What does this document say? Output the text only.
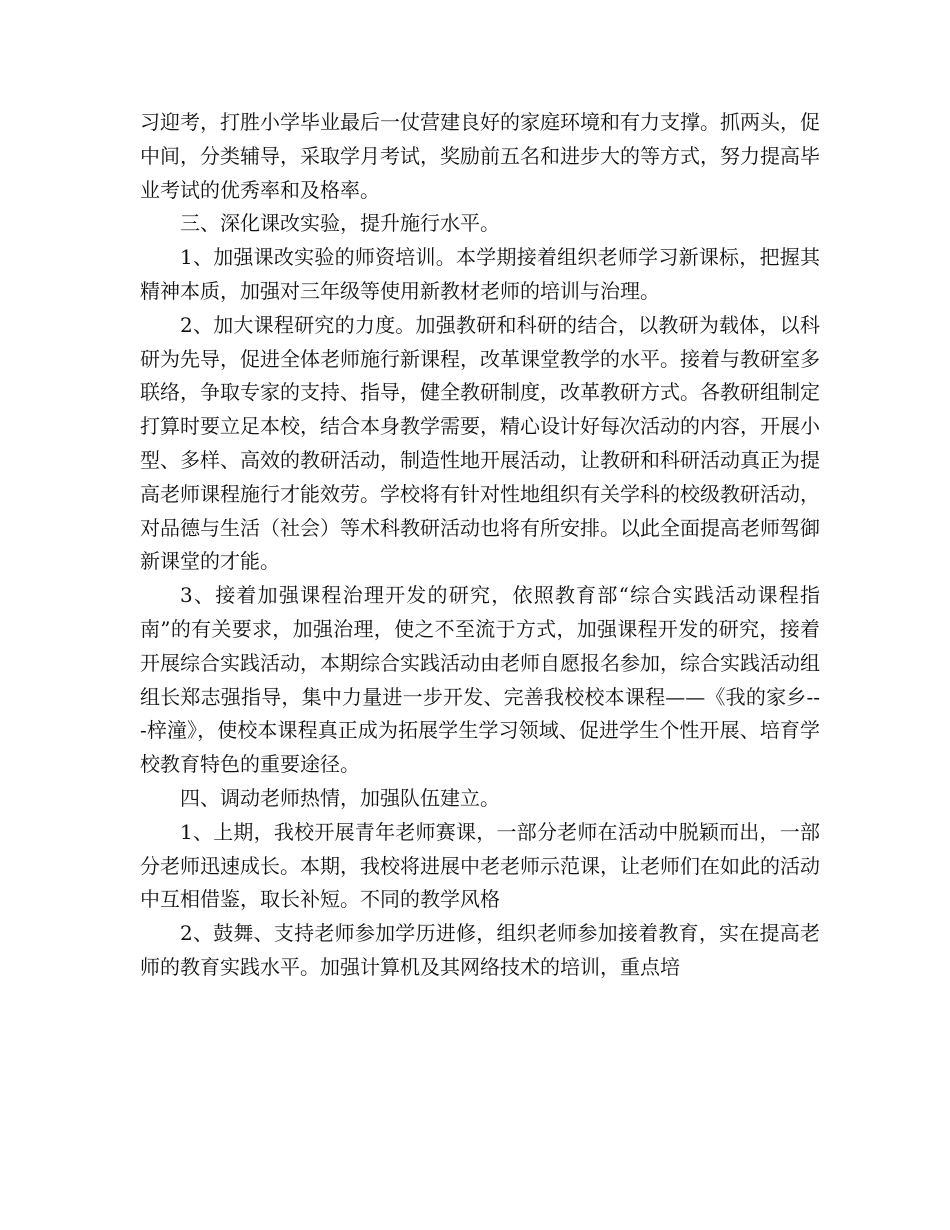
习迎考，打胜小学毕业最后一仗营建良好的家庭环境和有力支撑。抓两头，促中间，分类辅导，采取学月考试，奖励前五名和进步大的等方式，努力提高毕业考试的优秀率和及格率。

三、深化课改实验，提升施行水平。

1、加强课改实验的师资培训。本学期接着组织老师学习新课标，把握其精神本质，加强对三年级等使用新教材老师的培训与治理。

2、加大课程研究的力度。加强教研和科研的结合，以教研为载体，以科研为先导，促进全体老师施行新课程，改革课堂教学的水平。接着与教研室多联络，争取专家的支持、指导，健全教研制度，改革教研方式。各教研组制定打算时要立足本校，结合本身教学需要，精心设计好每次活动的内容，开展小型、多样、高效的教研活动，制造性地开展活动，让教研和科研活动真正为提高老师课程施行才能效劳。学校将有针对性地组织有关学科的校级教研活动，对品德与生活（社会）等术科教研活动也将有所安排。以此全面提高老师驾御新课堂的才能。

3、接着加强课程治理开发的研究，依照教育部“综合实践活动课程指南”的有关要求，加强治理，使之不至流于方式，加强课程开发的研究，接着开展综合实践活动，本期综合实践活动由老师自愿报名参加，综合实践活动组组长郑志强指导，集中力量进一步开发、完善我校校本课程——《我的家乡---梓潼》，使校本课程真正成为拓展学生学习领域、促进学生个性开展、培育学校教育特色的重要途径。

四、调动老师热情，加强队伍建立。

1、上期，我校开展青年老师赛课，一部分老师在活动中脱颖而出，一部分老师迅速成长。本期，我校将进展中老老师示范课，让老师们在如此的活动中互相借鉴，取长补短。不同的教学风格

2、鼓舞、支持老师参加学历进修，组织老师参加接着教育，实在提高老师的教育实践水平。加强计算机及其网络技术的培训，重点培
